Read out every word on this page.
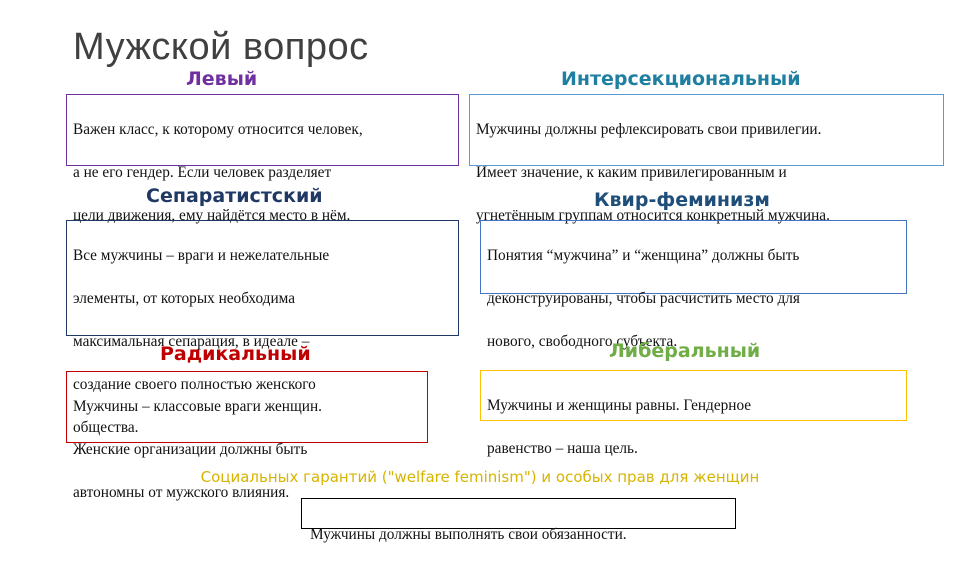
Мужской вопрос
Левый

Важен класс, к которому относится человек,

а не его гендер. Если человек разделяет

цели движения, ему найдётся место в нём.

Интерсекциональный

Мужчины должны рефлексировать свои привилегии.

Имеет значение, к каким привилегированным и

угнетённым группам относится конкретный мужчина.

Сепаратистский

Все мужчины – враги и нежелательные

элементы, от которых необходима

максимальная сепарация, в идеале –

создание своего полностью женского

общества.

Квир-феминизм

Понятия “мужчина” и “женщина” должны быть

деконструированы, чтобы расчистить место для

нового, свободного субъекта.

Радикальный

Мужчины – классовые враги женщин.

Женские организации должны быть

автономны от мужского влияния.

Либеральный

Мужчины и женщины равны. Гендерное

равенство – наша цель.

Социальных гарантий ("welfare feminism") и особых прав для женщин

Мужчины должны выполнять свои обязанности.
